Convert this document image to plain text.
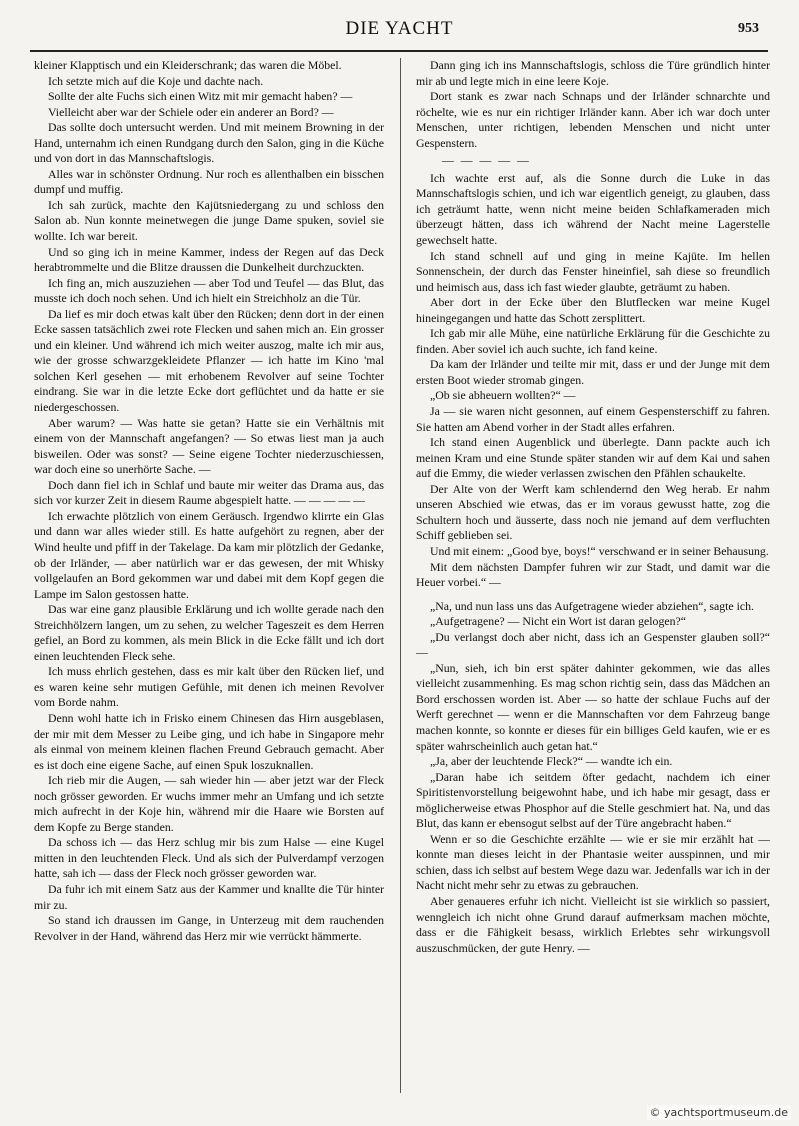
DIE YACHT	953

kleiner Klapptisch und ein Kleiderschrank; das waren die Möbel.

Ich setzte mich auf die Koje und dachte nach.

Sollte der alte Fuchs sich einen Witz mit mir gemacht haben? —

Vielleicht aber war der Schiele oder ein anderer an Bord? —

Das sollte doch untersucht werden. Und mit meinem Browning in der Hand, unternahm ich einen Rundgang durch den Salon, ging in die Küche und von dort in das Mannschaftslogis.

Alles war in schönster Ordnung. Nur roch es allenthalben ein bisschen dumpf und muffig.

Ich sah zurück, machte den Kajütsniedergang zu und schloss den Salon ab. Nun konnte meinetwegen die junge Dame spuken, soviel sie wollte. Ich war bereit.

Und so ging ich in meine Kammer, indess der Regen auf das Deck herabtrommelte und die Blitze draussen die Dunkelheit durchzuckten.

Ich fing an, mich auszuziehen — aber Tod und Teufel — das Blut, das musste ich doch noch sehen. Und ich hielt ein Streichholz an die Tür.

Da lief es mir doch etwas kalt über den Rücken; denn dort in der einen Ecke sassen tatsächlich zwei rote Flecken und sahen mich an. Ein grosser und ein kleiner. Und während ich mich weiter auszog, malte ich mir aus, wie der grosse schwarzgekleidete Pflanzer — ich hatte im Kino 'mal solchen Kerl gesehen — mit erhobenem Revolver auf seine Tochter eindrang. Sie war in die letzte Ecke dort geflüchtet und da hatte er sie niedergeschossen.

Aber warum? — Was hatte sie getan? Hatte sie ein Verhältnis mit einem von der Mannschaft angefangen? — So etwas liest man ja auch bisweilen. Oder was sonst? — Seine eigene Tochter niederzuschiessen, war doch eine so unerhörte Sache. —

Doch dann fiel ich in Schlaf und baute mir weiter das Drama aus, das sich vor kurzer Zeit in diesem Raume abgespielt hatte. — — — — —

Ich erwachte plötzlich von einem Geräusch. Irgendwo klirrte ein Glas und dann war alles wieder still. Es hatte aufgehört zu regnen, aber der Wind heulte und pfiff in der Takelage. Da kam mir plötzlich der Gedanke, ob der Irländer, — aber natürlich war er das gewesen, der mit Whisky vollgelaufen an Bord gekommen war und dabei mit dem Kopf gegen die Lampe im Salon gestossen hatte.

Das war eine ganz plausible Erklärung und ich wollte gerade nach den Streichhölzern langen, um zu sehen, zu welcher Tageszeit es dem Herren gefiel, an Bord zu kommen, als mein Blick in die Ecke fällt und ich dort einen leuchtenden Fleck sehe.

Ich muss ehrlich gestehen, dass es mir kalt über den Rücken lief, und es waren keine sehr mutigen Gefühle, mit denen ich meinen Revolver vom Borde nahm.

Denn wohl hatte ich in Frisko einem Chinesen das Hirn ausgeblasen, der mir mit dem Messer zu Leibe ging, und ich habe in Singapore mehr als einmal von meinem kleinen flachen Freund Gebrauch gemacht. Aber es ist doch eine eigene Sache, auf einen Spuk loszuknallen.

Ich rieb mir die Augen, — sah wieder hin — aber jetzt war der Fleck noch grösser geworden. Er wuchs immer mehr an Umfang und ich setzte mich aufrecht in der Koje hin, während mir die Haare wie Borsten auf dem Kopfe zu Berge standen.

Da schoss ich — das Herz schlug mir bis zum Halse — eine Kugel mitten in den leuchtenden Fleck. Und als sich der Pulverdampf verzogen hatte, sah ich — dass der Fleck noch grösser geworden war.

Da fuhr ich mit einem Satz aus der Kammer und knallte die Tür hinter mir zu.

So stand ich draussen im Gange, in Unterzeug mit dem rauchenden Revolver in der Hand, während das Herz mir wie verrückt hämmerte.

Dann ging ich ins Mannschaftslogis, schloss die Türe gründlich hinter mir ab und legte mich in eine leere Koje.

Dort stank es zwar nach Schnaps und der Irländer schnarchte und röchelte, wie es nur ein richtiger Irländer kann. Aber ich war doch unter Menschen, unter richtigen, lebenden Menschen und nicht unter Gespenstern.

— — — — —

Ich wachte erst auf, als die Sonne durch die Luke in das Mannschaftslogis schien, und ich war eigentlich geneigt, zu glauben, dass ich geträumt hatte, wenn nicht meine beiden Schlafkameraden mich überzeugt hätten, dass ich während der Nacht meine Lagerstelle gewechselt hatte.

Ich stand schnell auf und ging in meine Kajüte. Im hellen Sonnenschein, der durch das Fenster hineinfiel, sah diese so freundlich und heimisch aus, dass ich fast wieder glaubte, geträumt zu haben.

Aber dort in der Ecke über den Blutflecken war meine Kugel hineingegangen und hatte das Schott zersplittert.

Ich gab mir alle Mühe, eine natürliche Erklärung für die Geschichte zu finden. Aber soviel ich auch suchte, ich fand keine.

Da kam der Irländer und teilte mir mit, dass er und der Junge mit dem ersten Boot wieder stromab gingen.

„Ob sie abheuern wollten?“ —

Ja — sie waren nicht gesonnen, auf einem Gespensterschiff zu fahren. Sie hatten am Abend vorher in der Stadt alles erfahren.

Ich stand einen Augenblick und überlegte. Dann packte auch ich meinen Kram und eine Stunde später standen wir auf dem Kai und sahen auf die Emmy, die wieder verlassen zwischen den Pfählen schaukelte.

Der Alte von der Werft kam schlendernd den Weg herab. Er nahm unseren Abschied wie etwas, das er im voraus gewusst hatte, zog die Schultern hoch und äusserte, dass noch nie jemand auf dem verfluchten Schiff geblieben sei.

Und mit einem: „Good bye, boys!“ verschwand er in seiner Behausung.

Mit dem nächsten Dampfer fuhren wir zur Stadt, und damit war die Heuer vorbei.“ —

„Na, und nun lass uns das Aufgetragene wieder abziehen“, sagte ich.

„Aufgetragene? — Nicht ein Wort ist daran gelogen?“

„Du verlangst doch aber nicht, dass ich an Gespenster glauben soll?“ —

„Nun, sieh, ich bin erst später dahinter gekommen, wie das alles vielleicht zusammenhing. Es mag schon richtig sein, dass das Mädchen an Bord erschossen worden ist. Aber — so hatte der schlaue Fuchs auf der Werft gerechnet — wenn er die Mannschaften vor dem Fahrzeug bange machen konnte, so konnte er dieses für ein billiges Geld kaufen, wie er es später wahrscheinlich auch getan hat.“

„Ja, aber der leuchtende Fleck?“ — wandte ich ein.

„Daran habe ich seitdem öfter gedacht, nachdem ich einer Spiritistenvorstellung beigewohnt habe, und ich habe mir gesagt, dass er möglicherweise etwas Phosphor auf die Stelle geschmiert hat. Na, und das Blut, das kann er ebensogut selbst auf der Türe angebracht haben.“

Wenn er so die Geschichte erzählte — wie er sie mir erzählt hat — konnte man dieses leicht in der Phantasie weiter ausspinnen, und mir schien, dass ich selbst auf bestem Wege dazu war. Jedenfalls war ich in der Nacht nicht mehr sehr zu etwas zu gebrauchen.

Aber genaueres erfuhr ich nicht. Vielleicht ist sie wirklich so passiert, wenngleich ich nicht ohne Grund darauf aufmerksam machen möchte, dass er die Fähigkeit besass, wirklich Erlebtes sehr wirkungsvoll auszuschmücken, der gute Henry. —

© yachtsportmuseum.de
